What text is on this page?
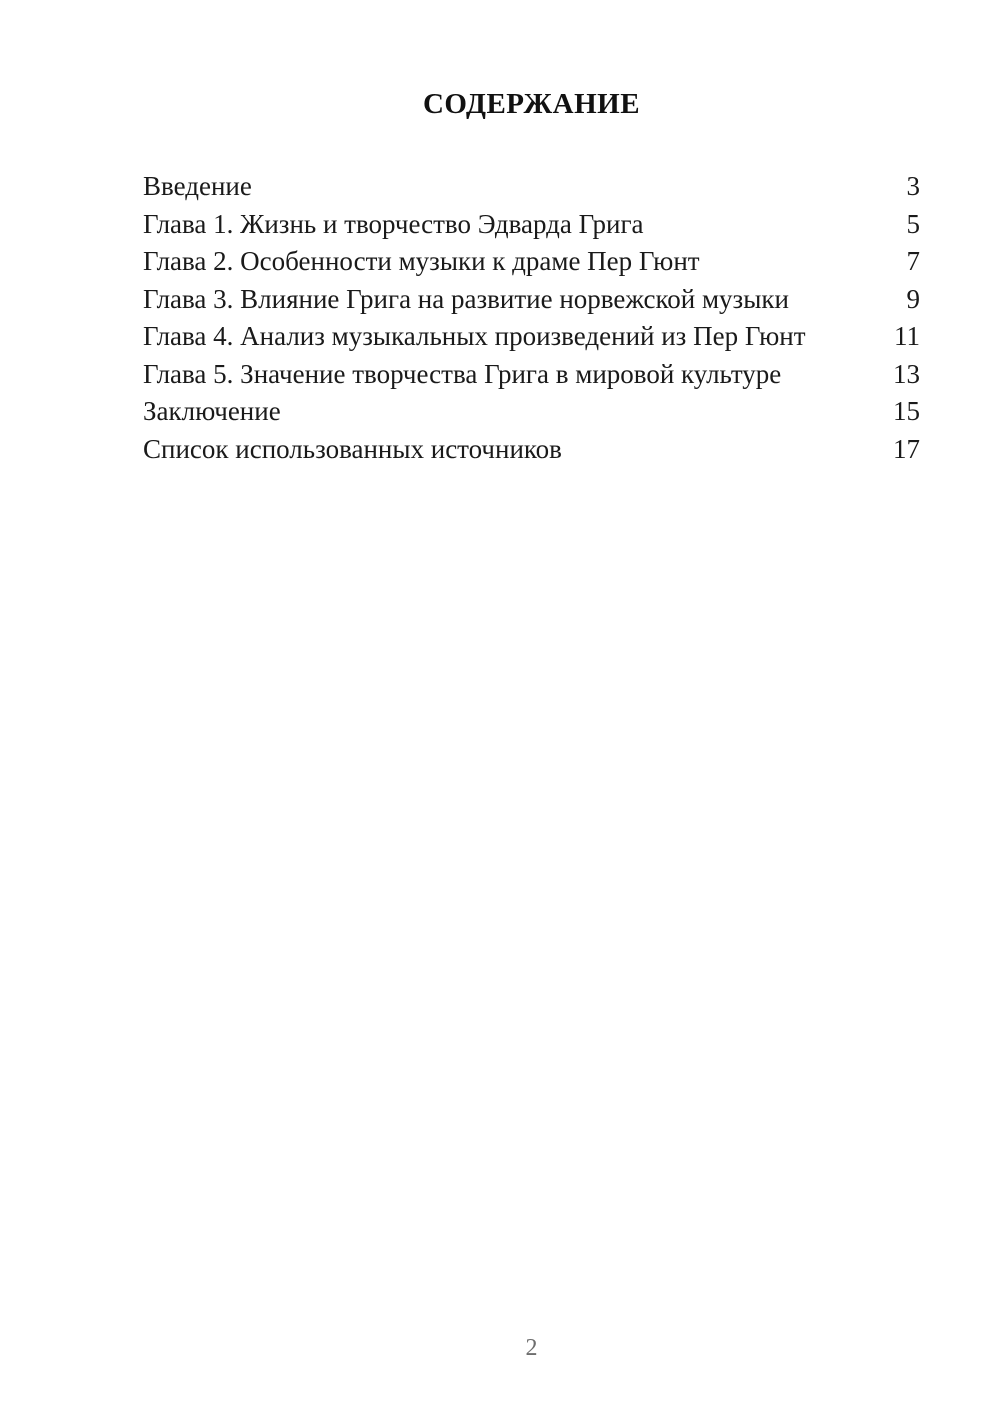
СОДЕРЖАНИЕ
Введение	3
Глава 1. Жизнь и творчество Эдварда Грига	5
Глава 2. Особенности музыки к драме Пер Гюнт	7
Глава 3. Влияние Грига на развитие норвежской музыки	9
Глава 4. Анализ музыкальных произведений из Пер Гюнт	11
Глава 5. Значение творчества Грига в мировой культуре	13
Заключение	15
Список использованных источников	17
2
